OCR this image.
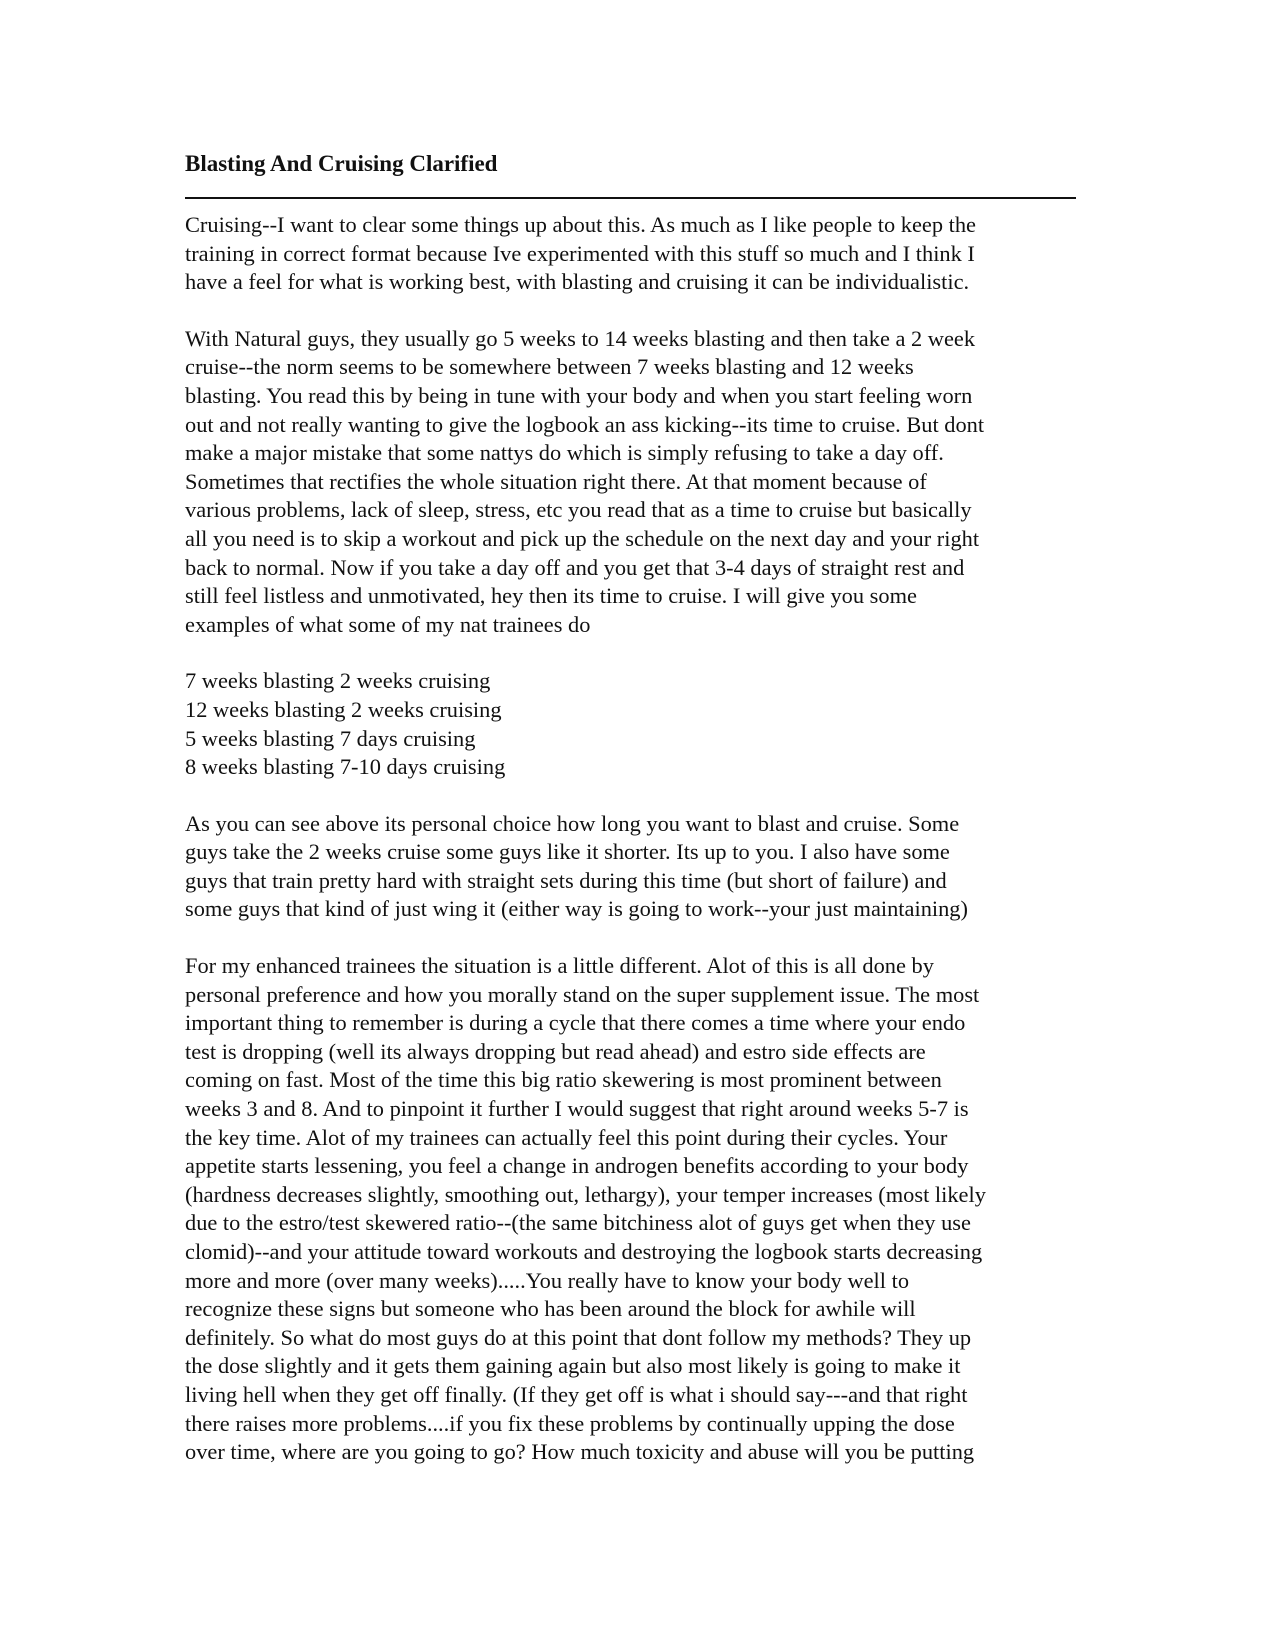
Blasting And Cruising Clarified

Cruising--I want to clear some things up about this. As much as I like people to keep the
training in correct format because Ive experimented with this stuff so much and I think I
have a feel for what is working best, with blasting and cruising it can be individualistic.

With Natural guys, they usually go 5 weeks to 14 weeks blasting and then take a 2 week
cruise--the norm seems to be somewhere between 7 weeks blasting and 12 weeks
blasting. You read this by being in tune with your body and when you start feeling worn
out and not really wanting to give the logbook an ass kicking--its time to cruise. But dont
make a major mistake that some nattys do which is simply refusing to take a day off.
Sometimes that rectifies the whole situation right there. At that moment because of
various problems, lack of sleep, stress, etc you read that as a time to cruise but basically
all you need is to skip a workout and pick up the schedule on the next day and your right
back to normal. Now if you take a day off and you get that 3-4 days of straight rest and
still feel listless and unmotivated, hey then its time to cruise. I will give you some
examples of what some of my nat trainees do

7 weeks blasting 2 weeks cruising
12 weeks blasting 2 weeks cruising
5 weeks blasting 7 days cruising
8 weeks blasting 7-10 days cruising

As you can see above its personal choice how long you want to blast and cruise. Some
guys take the 2 weeks cruise some guys like it shorter. Its up to you. I also have some
guys that train pretty hard with straight sets during this time (but short of failure) and
some guys that kind of just wing it (either way is going to work--your just maintaining)

For my enhanced trainees the situation is a little different. Alot of this is all done by
personal preference and how you morally stand on the super supplement issue. The most
important thing to remember is during a cycle that there comes a time where your endo
test is dropping (well its always dropping but read ahead) and estro side effects are
coming on fast. Most of the time this big ratio skewering is most prominent between
weeks 3 and 8. And to pinpoint it further I would suggest that right around weeks 5-7 is
the key time. Alot of my trainees can actually feel this point during their cycles. Your
appetite starts lessening, you feel a change in androgen benefits according to your body
(hardness decreases slightly, smoothing out, lethargy), your temper increases (most likely
due to the estro/test skewered ratio--(the same bitchiness alot of guys get when they use
clomid)--and your attitude toward workouts and destroying the logbook starts decreasing
more and more (over many weeks).....You really have to know your body well to
recognize these signs but someone who has been around the block for awhile will
definitely. So what do most guys do at this point that dont follow my methods? They up
the dose slightly and it gets them gaining again but also most likely is going to make it
living hell when they get off finally. (If they get off is what i should say---and that right
there raises more problems....if you fix these problems by continually upping the dose
over time, where are you going to go? How much toxicity and abuse will you be putting
